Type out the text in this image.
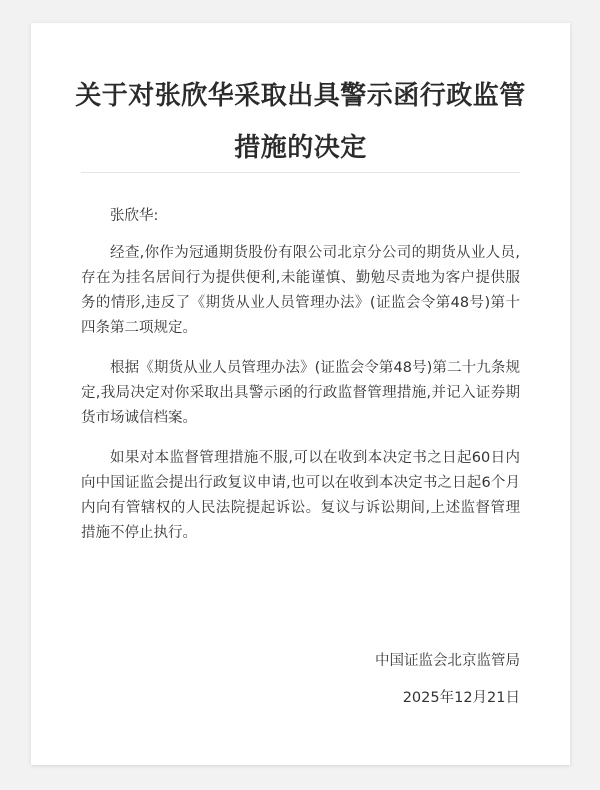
关于对张欣华采取出具警示函行政监管措施的决定

张欣华:

经查,你作为冠通期货股份有限公司北京分公司的期货从业人员,存在为挂名居间行为提供便利,未能谨慎、勤勉尽责地为客户提供服务的情形,违反了《期货从业人员管理办法》(证监会令第48号)第十四条第二项规定。

根据《期货从业人员管理办法》(证监会令第48号)第二十九条规定,我局决定对你采取出具警示函的行政监督管理措施,并记入证券期货市场诚信档案。

如果对本监督管理措施不服,可以在收到本决定书之日起60日内向中国证监会提出行政复议申请,也可以在收到本决定书之日起6个月内向有管辖权的人民法院提起诉讼。复议与诉讼期间,上述监督管理措施不停止执行。

中国证监会北京监管局
2025年12月21日
